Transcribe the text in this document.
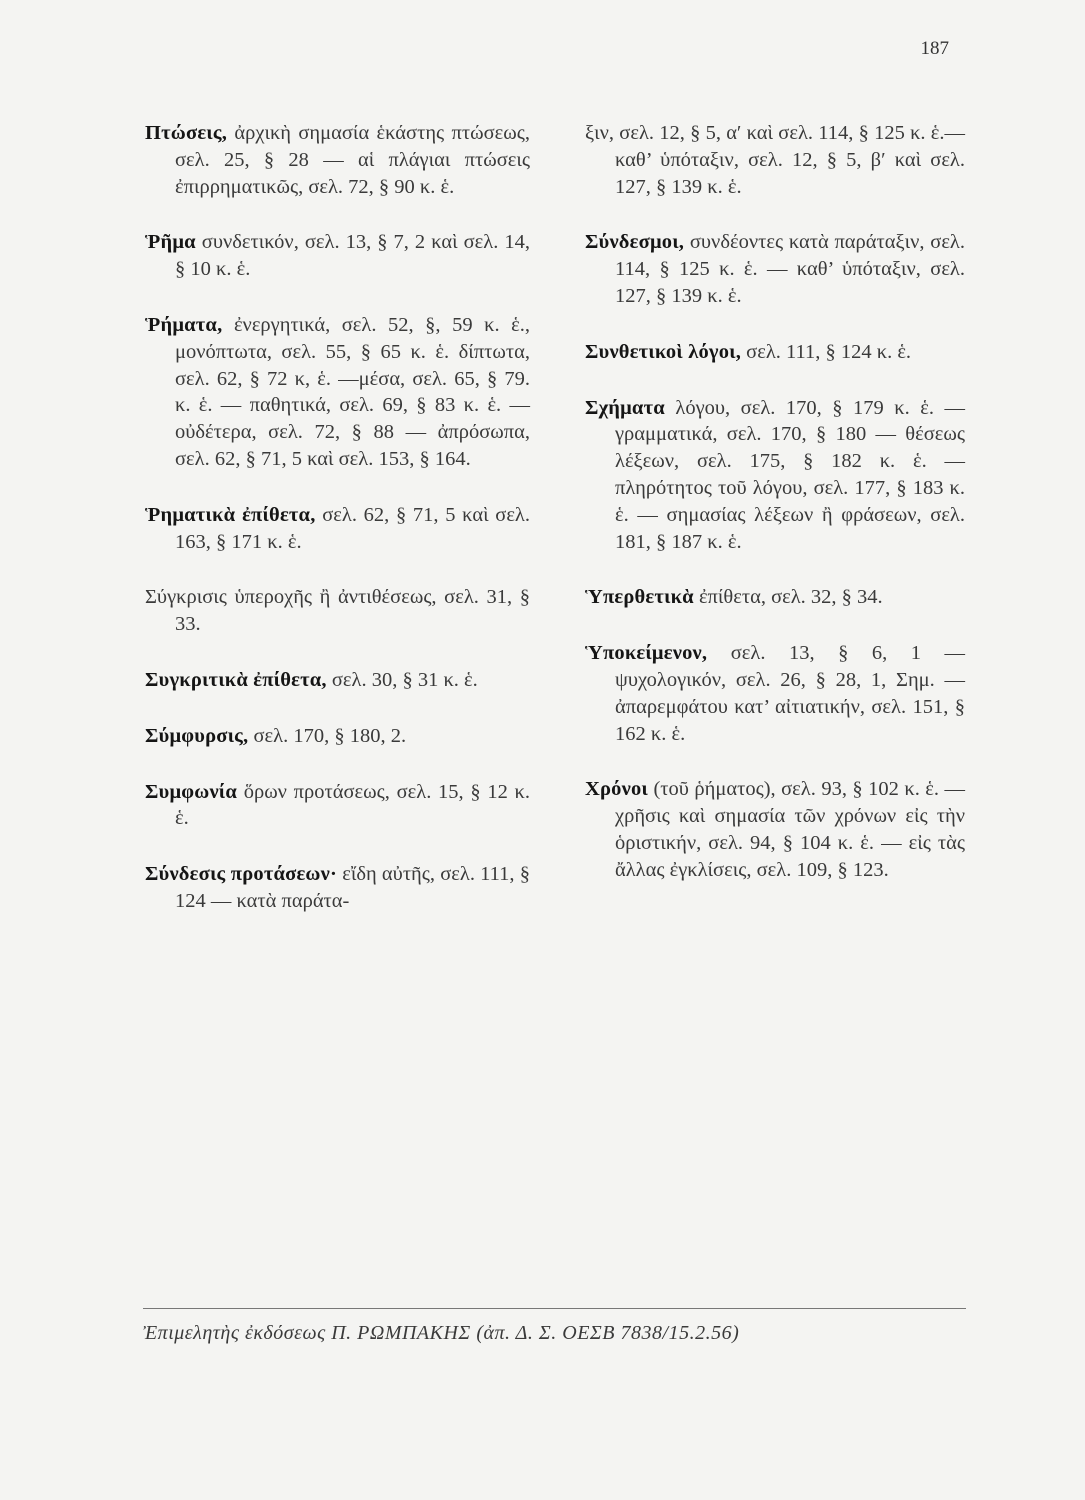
187

Πτώσεις, ἀρχικὴ σημασία ἑκάστης πτώσεως, σελ. 25, § 28 — αἱ πλάγιαι πτώσεις ἐπιρρηματικῶς, σελ. 72, § 90 κ. ἑ.

Ῥῆμα συνδετικόν, σελ. 13, § 7, 2 καὶ σελ. 14, § 10 κ. ἑ.

Ῥήματα, ἐνεργητικά, σελ. 52, §, 59 κ. ἑ., μονόπτωτα, σελ. 55, § 65 κ. ἑ. δίπτωτα, σελ. 62, § 72 κ, ἑ. —μέσα, σελ. 65, § 79. κ. ἑ. — παθητικά, σελ. 69, § 83 κ. ἑ. — οὐδέτερα, σελ. 72, § 88 — ἀπρόσωπα, σελ. 62, § 71, 5 καὶ σελ. 153, § 164.

Ῥηματικὰ ἐπίθετα, σελ. 62, § 71, 5 καὶ σελ. 163, § 171 κ. ἑ.

Σύγκρισις ὑπεροχῆς ἢ ἀντιθέσεως, σελ. 31, § 33.

Συγκριτικὰ ἐπίθετα, σελ. 30, § 31 κ. ἑ.

Σύμφυρσις, σελ. 170, § 180, 2.

Συμφωνία ὅρων προτάσεως, σελ. 15, § 12 κ. ἑ.

Σύνδεσις προτάσεων· εἴδη αὐτῆς, σελ. 111, § 124 — κατὰ παράτα-

ξιν, σελ. 12, § 5, α′ καὶ σελ. 114, § 125 κ. ἑ.— καθ’ ὑπόταξιν, σελ. 12, § 5, β′ καὶ σελ. 127, § 139 κ. ἑ.

Σύνδεσμοι, συνδέοντες κατὰ παράταξιν, σελ. 114, § 125 κ. ἑ. — καθ’ ὑπόταξιν, σελ. 127, § 139 κ. ἑ.

Συνθετικοὶ λόγοι, σελ. 111, § 124 κ. ἑ.

Σχήματα λόγου, σελ. 170, § 179 κ. ἑ. — γραμματικά, σελ. 170, § 180 — θέσεως λέξεων, σελ. 175, § 182 κ. ἑ. — πληρότητος τοῦ λόγου, σελ. 177, § 183 κ. ἑ. — σημασίας λέξεων ἢ φράσεων, σελ. 181, § 187 κ. ἑ.

Ὑπερθετικὰ ἐπίθετα, σελ. 32, § 34.

Ὑποκείμενον, σελ. 13, § 6, 1 — ψυχολογικόν, σελ. 26, § 28, 1, Σημ. — ἀπαρεμφάτου κατ’ αἰτιατικήν, σελ. 151, § 162 κ. ἑ.

Χρόνοι (τοῦ ῥήματος), σελ. 93, § 102 κ. ἑ. — χρῆσις καὶ σημασία τῶν χρόνων εἰς τὴν ὁριστικήν, σελ. 94, § 104 κ. ἑ. — εἰς τὰς ἄλλας ἐγκλίσεις, σελ. 109, § 123.

Ἐπιμελητὴς ἐκδόσεως Π. ΡΩΜΠΑΚΗΣ (ἀπ. Δ. Σ. ΟΕΣΒ 7838/15.2.56)
